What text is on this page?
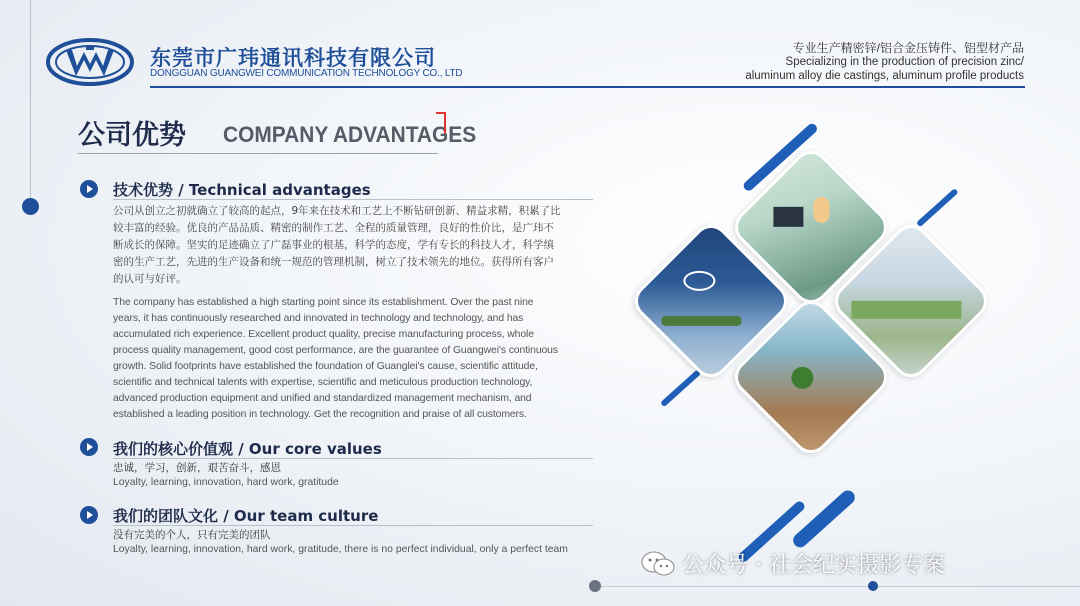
东莞市广玮通讯科技有限公司
DONGGUAN GUANGWEI COMMUNICATION TECHNOLOGY CO., LTD
专业生产精密锌/铝合金压铸件、铝型材产品
Specializing in the production of precision zinc/
aluminum alloy die castings, aluminum profile products
公司优势 COMPANY ADVANTAGES
技术优势 / Technical advantages
公司从创立之初就确立了较高的起点，9年来在技术和工艺上不断钻研创新、精益求精，积累了比
较丰富的经验。优良的产品品质、精密的制作工艺、全程的质量管理，良好的性价比，是广玮不
断成长的保障。坚实的足迹确立了广磊事业的根基，科学的态度，学有专长的科技人才，科学缜
密的生产工艺，先进的生产设备和统一规范的管理机制，树立了技术领先的地位。获得所有客户
的认可与好评。
The company has established a high starting point since its establishment. Over the past nine
years, it has continuously researched and innovated in technology and technology, and has
accumulated rich experience. Excellent product quality, precise manufacturing process, whole
process quality management, good cost performance, are the guarantee of Guangwei's continuous
growth. Solid footprints have established the foundation of Guanglei's cause, scientific attitude,
scientific and technical talents with expertise, scientific and meticulous production technology,
advanced production equipment and unified and standardized management mechanism, and
established a leading position in technology. Get the recognition and praise of all customers.
我们的核心价值观 / Our core values
忠诚，学习，创新，艰苦奋斗，感恩
Loyalty, learning, innovation, hard work, gratitude
我们的团队文化 / Our team culture
没有完美的个人，只有完美的团队
Loyalty, learning, innovation, hard work, gratitude, there is no perfect individual, only a perfect team
公众号 · 社会纪实摄影专案
